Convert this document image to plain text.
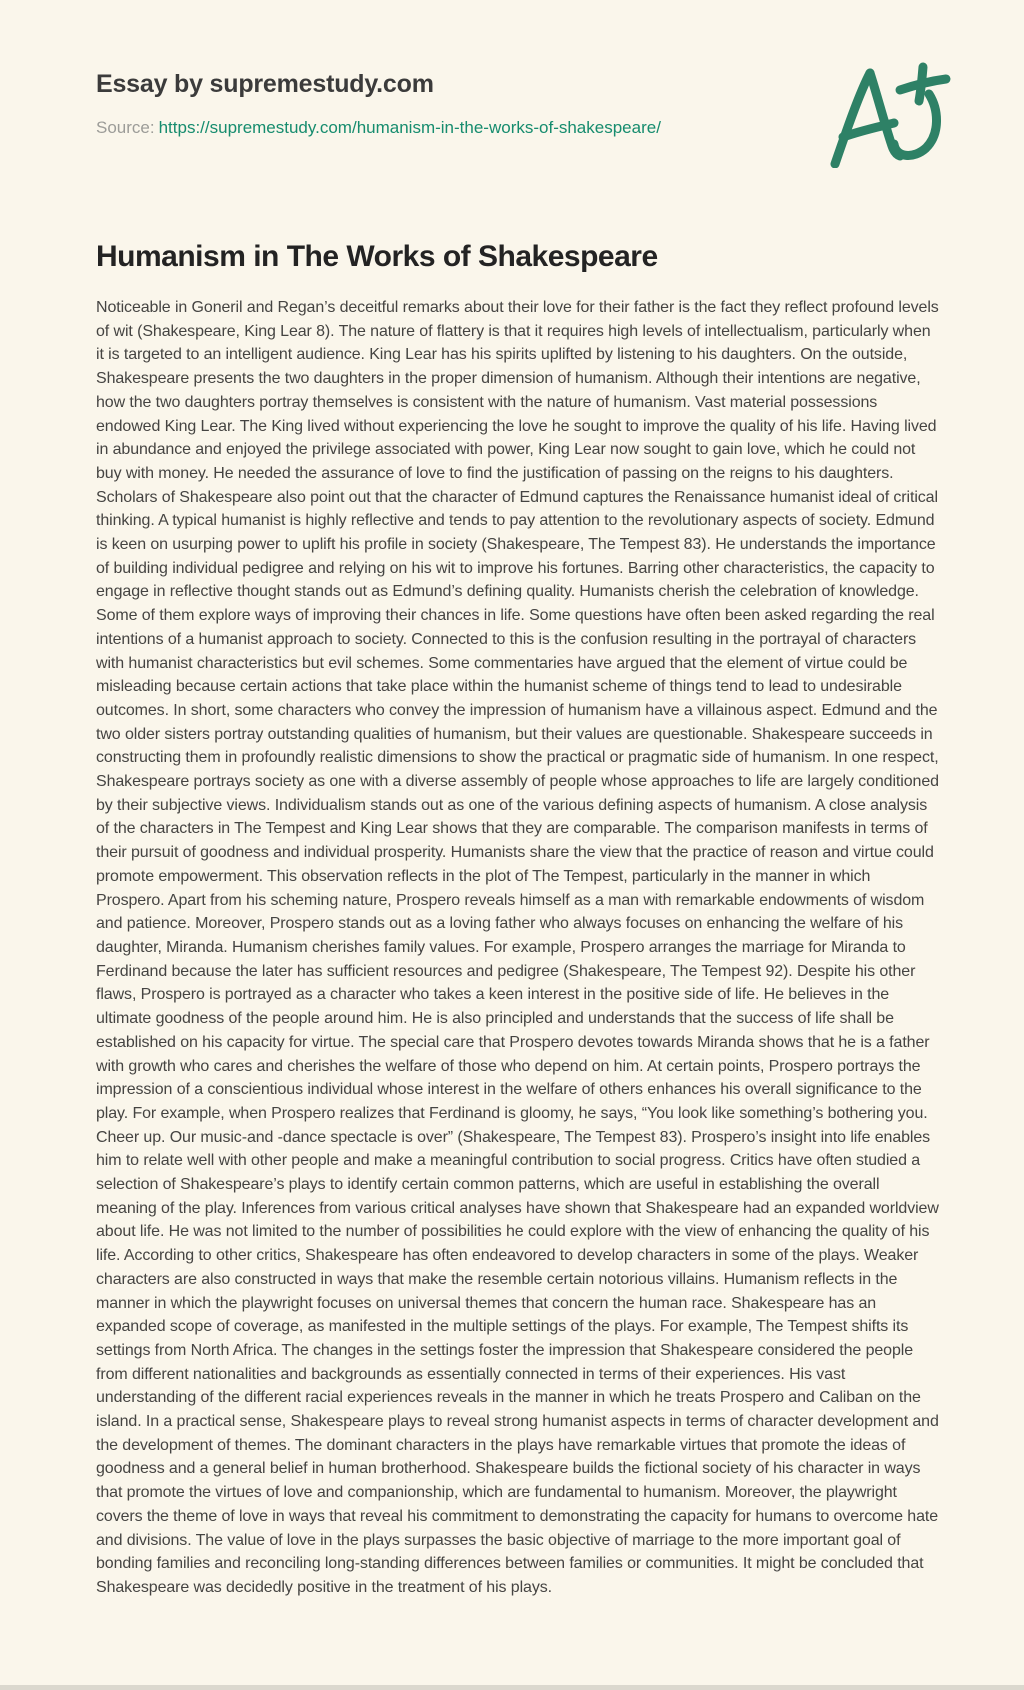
Essay by supremestudy.com
Source: https://supremestudy.com/humanism-in-the-works-of-shakespeare/
Humanism in The Works of Shakespeare

Noticeable in Goneril and Regan’s deceitful remarks about their love for their father is the fact they reflect profound levels of wit (Shakespeare, King Lear 8). The nature of flattery is that it requires high levels of intellectualism, particularly when it is targeted to an intelligent audience. King Lear has his spirits uplifted by listening to his daughters. On the outside, Shakespeare presents the two daughters in the proper dimension of humanism. Although their intentions are negative, how the two daughters portray themselves is consistent with the nature of humanism. Vast material possessions endowed King Lear. The King lived without experiencing the love he sought to improve the quality of his life. Having lived in abundance and enjoyed the privilege associated with power, King Lear now sought to gain love, which he could not buy with money. He needed the assurance of love to find the justification of passing on the reigns to his daughters. Scholars of Shakespeare also point out that the character of Edmund captures the Renaissance humanist ideal of critical thinking. A typical humanist is highly reflective and tends to pay attention to the revolutionary aspects of society. Edmund is keen on usurping power to uplift his profile in society (Shakespeare, The Tempest 83). He understands the importance of building individual pedigree and relying on his wit to improve his fortunes. Barring other characteristics, the capacity to engage in reflective thought stands out as Edmund’s defining quality. Humanists cherish the celebration of knowledge. Some of them explore ways of improving their chances in life. Some questions have often been asked regarding the real intentions of a humanist approach to society. Connected to this is the confusion resulting in the portrayal of characters with humanist characteristics but evil schemes. Some commentaries have argued that the element of virtue could be misleading because certain actions that take place within the humanist scheme of things tend to lead to undesirable outcomes. In short, some characters who convey the impression of humanism have a villainous aspect. Edmund and the two older sisters portray outstanding qualities of humanism, but their values are questionable. Shakespeare succeeds in constructing them in profoundly realistic dimensions to show the practical or pragmatic side of humanism. In one respect, Shakespeare portrays society as one with a diverse assembly of people whose approaches to life are largely conditioned by their subjective views. Individualism stands out as one of the various defining aspects of humanism. A close analysis of the characters in The Tempest and King Lear shows that they are comparable. The comparison manifests in terms of their pursuit of goodness and individual prosperity. Humanists share the view that the practice of reason and virtue could promote empowerment. This observation reflects in the plot of The Tempest, particularly in the manner in which Prospero. Apart from his scheming nature, Prospero reveals himself as a man with remarkable endowments of wisdom and patience. Moreover, Prospero stands out as a loving father who always focuses on enhancing the welfare of his daughter, Miranda. Humanism cherishes family values. For example, Prospero arranges the marriage for Miranda to Ferdinand because the later has sufficient resources and pedigree (Shakespeare, The Tempest 92). Despite his other flaws, Prospero is portrayed as a character who takes a keen interest in the positive side of life. He believes in the ultimate goodness of the people around him. He is also principled and understands that the success of life shall be established on his capacity for virtue. The special care that Prospero devotes towards Miranda shows that he is a father with growth who cares and cherishes the welfare of those who depend on him. At certain points, Prospero portrays the impression of a conscientious individual whose interest in the welfare of others enhances his overall significance to the play. For example, when Prospero realizes that Ferdinand is gloomy, he says, “You look like something’s bothering you. Cheer up. Our music-and -dance spectacle is over” (Shakespeare, The Tempest 83). Prospero’s insight into life enables him to relate well with other people and make a meaningful contribution to social progress. Critics have often studied a selection of Shakespeare’s plays to identify certain common patterns, which are useful in establishing the overall meaning of the play. Inferences from various critical analyses have shown that Shakespeare had an expanded worldview about life. He was not limited to the number of possibilities he could explore with the view of enhancing the quality of his life. According to other critics, Shakespeare has often endeavored to develop characters in some of the plays. Weaker characters are also constructed in ways that make the resemble certain notorious villains. Humanism reflects in the manner in which the playwright focuses on universal themes that concern the human race. Shakespeare has an expanded scope of coverage, as manifested in the multiple settings of the plays. For example, The Tempest shifts its settings from North Africa. The changes in the settings foster the impression that Shakespeare considered the people from different nationalities and backgrounds as essentially connected in terms of their experiences. His vast understanding of the different racial experiences reveals in the manner in which he treats Prospero and Caliban on the island. In a practical sense, Shakespeare plays to reveal strong humanist aspects in terms of character development and the development of themes. The dominant characters in the plays have remarkable virtues that promote the ideas of goodness and a general belief in human brotherhood. Shakespeare builds the fictional society of his character in ways that promote the virtues of love and companionship, which are fundamental to humanism. Moreover, the playwright covers the theme of love in ways that reveal his commitment to demonstrating the capacity for humans to overcome hate and divisions. The value of love in the plays surpasses the basic objective of marriage to the more important goal of bonding families and reconciling long-standing differences between families or communities. It might be concluded that Shakespeare was decidedly positive in the treatment of his plays.
